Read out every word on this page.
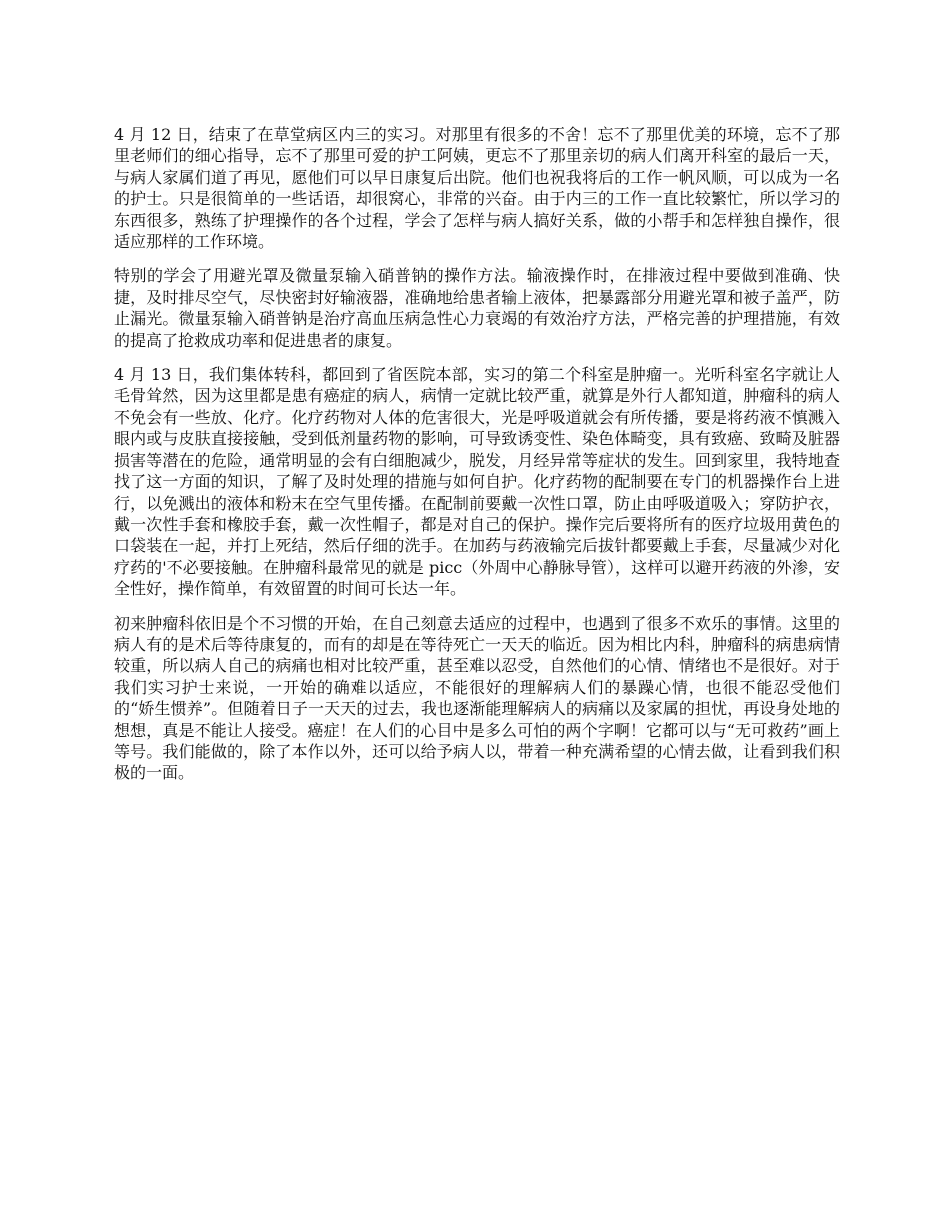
4 月 12 日，结束了在草堂病区内三的实习。对那里有很多的不舍！忘不了那里优美的环境，忘不了那里老师们的细心指导，忘不了那里可爱的护工阿姨，更忘不了那里亲切的病人们离开科室的最后一天，与病人家属们道了再见，愿他们可以早日康复后出院。他们也祝我将后的工作一帆风顺，可以成为一名的护士。只是很简单的一些话语，却很窝心，非常的兴奋。由于内三的工作一直比较繁忙，所以学习的东西很多，熟练了护理操作的各个过程，学会了怎样与病人搞好关系，做的小帮手和怎样独自操作，很适应那样的工作环境。

特别的学会了用避光罩及微量泵输入硝普钠的操作方法。输液操作时，在排液过程中要做到准确、快捷，及时排尽空气，尽快密封好输液器，准确地给患者输上液体，把暴露部分用避光罩和被子盖严，防止漏光。微量泵输入硝普钠是治疗高血压病急性心力衰竭的有效治疗方法，严格完善的护理措施，有效的提高了抢救成功率和促进患者的康复。

4 月 13 日，我们集体转科，都回到了省医院本部，实习的第二个科室是肿瘤一。光听科室名字就让人毛骨耸然，因为这里都是患有癌症的病人，病情一定就比较严重，就算是外行人都知道，肿瘤科的病人不免会有一些放、化疗。化疗药物对人体的危害很大，光是呼吸道就会有所传播，要是将药液不慎溅入眼内或与皮肤直接接触，受到低剂量药物的影响，可导致诱变性、染色体畸变，具有致癌、致畸及脏器损害等潜在的危险，通常明显的会有白细胞减少，脱发，月经异常等症状的发生。回到家里，我特地查找了这一方面的知识，了解了及时处理的措施与如何自护。化疗药物的配制要在专门的机器操作台上进行，以免溅出的液体和粉末在空气里传播。在配制前要戴一次性口罩，防止由呼吸道吸入；穿防护衣，戴一次性手套和橡胶手套，戴一次性帽子，都是对自己的保护。操作完后要将所有的医疗垃圾用黄色的口袋装在一起，并打上死结，然后仔细的洗手。在加药与药液输完后拔针都要戴上手套，尽量减少对化疗药的'不必要接触。在肿瘤科最常见的就是 picc（外周中心静脉导管），这样可以避开药液的外渗，安全性好，操作简单，有效留置的时间可长达一年。

初来肿瘤科依旧是个不习惯的开始，在自己刻意去适应的过程中，也遇到了很多不欢乐的事情。这里的病人有的是术后等待康复的，而有的却是在等待死亡一天天的临近。因为相比内科，肿瘤科的病患病情较重，所以病人自己的病痛也相对比较严重，甚至难以忍受，自然他们的心情、情绪也不是很好。对于我们实习护士来说，一开始的确难以适应，不能很好的理解病人们的暴躁心情，也很不能忍受他们的“娇生惯养”。但随着日子一天天的过去，我也逐渐能理解病人的病痛以及家属的担忧，再设身处地的想想，真是不能让人接受。癌症！在人们的心目中是多么可怕的两个字啊！它都可以与“无可救药”画上等号。我们能做的，除了本作以外，还可以给予病人以，带着一种充满希望的心情去做，让看到我们积极的一面。
